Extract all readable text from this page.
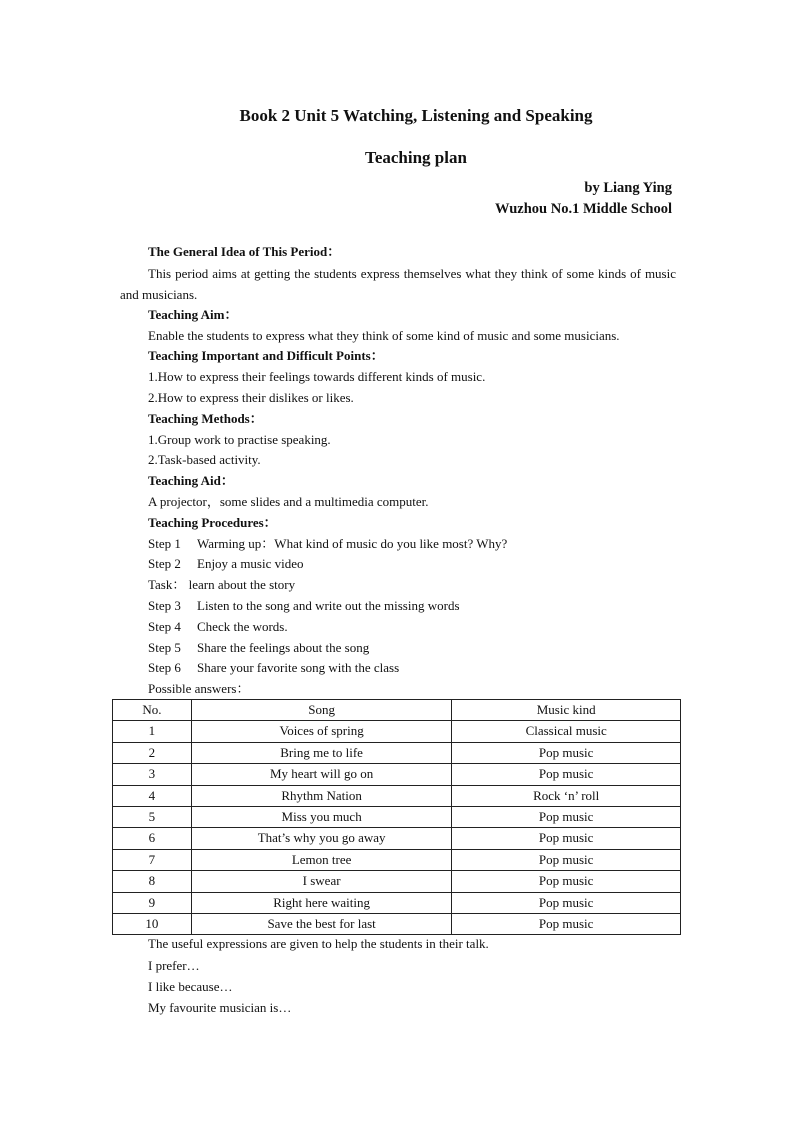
Book 2 Unit 5 Watching, Listening and Speaking
Teaching plan
by Liang Ying
Wuzhou No.1 Middle School
The General Idea of This Period：
This period aims at getting the students express themselves what they think of some kinds of music and musicians.
Teaching Aim：
Enable the students to express what they think of some kind of music and some musicians.
Teaching Important and Difficult Points：
1.How to express their feelings towards different kinds of music.
2.How to express their dislikes or likes.
Teaching Methods：
1.Group work to practise speaking.
2.Task-based activity.
Teaching Aid：
A projector，some slides and a multimedia computer.
Teaching Procedures：
Step 1 Warming up：What kind of music do you like most? Why?
Step 2 Enjoy a music video
Task： learn about the story
Step 3 Listen to the song and write out the missing words
Step 4 Check the words.
Step 5 Share the feelings about the song
Step 6 Share your favorite song with the class
Possible answers：
No.	Song	Music kind
1	Voices of spring	Classical music
2	Bring me to life	Pop music
3	My heart will go on	Pop music
4	Rhythm Nation	Rock ‘n’ roll
5	Miss you much	Pop music
6	That’s why you go away	Pop music
7	Lemon tree	Pop music
8	I swear	Pop music
9	Right here waiting	Pop music
10	Save the best for last	Pop music
The useful expressions are given to help the students in their talk.
I prefer…
I like because…
My favourite musician is…
